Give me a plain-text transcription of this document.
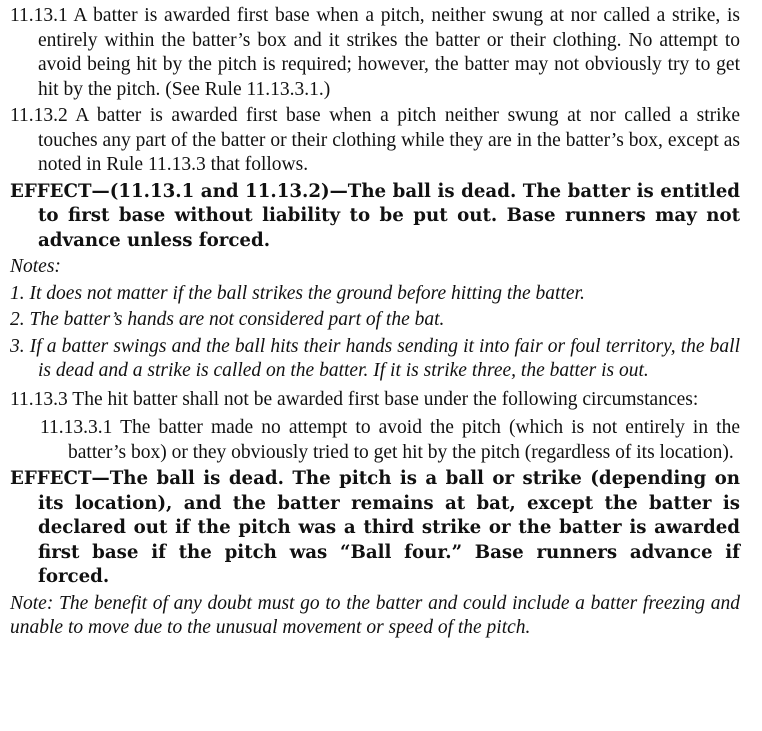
11.13.1 A batter is awarded first base when a pitch, neither swung at nor called a strike, is entirely within the batter’s box and it strikes the batter or their clothing. No attempt to avoid being hit by the pitch is required; however, the batter may not obviously try to get hit by the pitch. (See Rule 11.13.3.1.)

11.13.2 A batter is awarded first base when a pitch neither swung at nor called a strike touches any part of the batter or their clothing while they are in the batter’s box, except as noted in Rule 11.13.3 that follows.

EFFECT—(11.13.1 and 11.13.2)—The ball is dead. The batter is entitled to first base without liability to be put out. Base runners may not advance unless forced.

Notes:

1. It does not matter if the ball strikes the ground before hitting the batter.

2. The batter’s hands are not considered part of the bat.

3. If a batter swings and the ball hits their hands sending it into fair or foul territory, the ball is dead and a strike is called on the batter. If it is strike three, the batter is out.

11.13.3 The hit batter shall not be awarded first base under the following circumstances:

11.13.3.1 The batter made no attempt to avoid the pitch (which is not entirely in the batter’s box) or they obviously tried to get hit by the pitch (regardless of its location).

EFFECT—The ball is dead. The pitch is a ball or strike (depending on its location), and the batter remains at bat, except the batter is declared out if the pitch was a third strike or the batter is awarded first base if the pitch was “Ball four.” Base runners advance if forced.

Note: The benefit of any doubt must go to the batter and could include a batter freezing and unable to move due to the unusual movement or speed of the pitch.
